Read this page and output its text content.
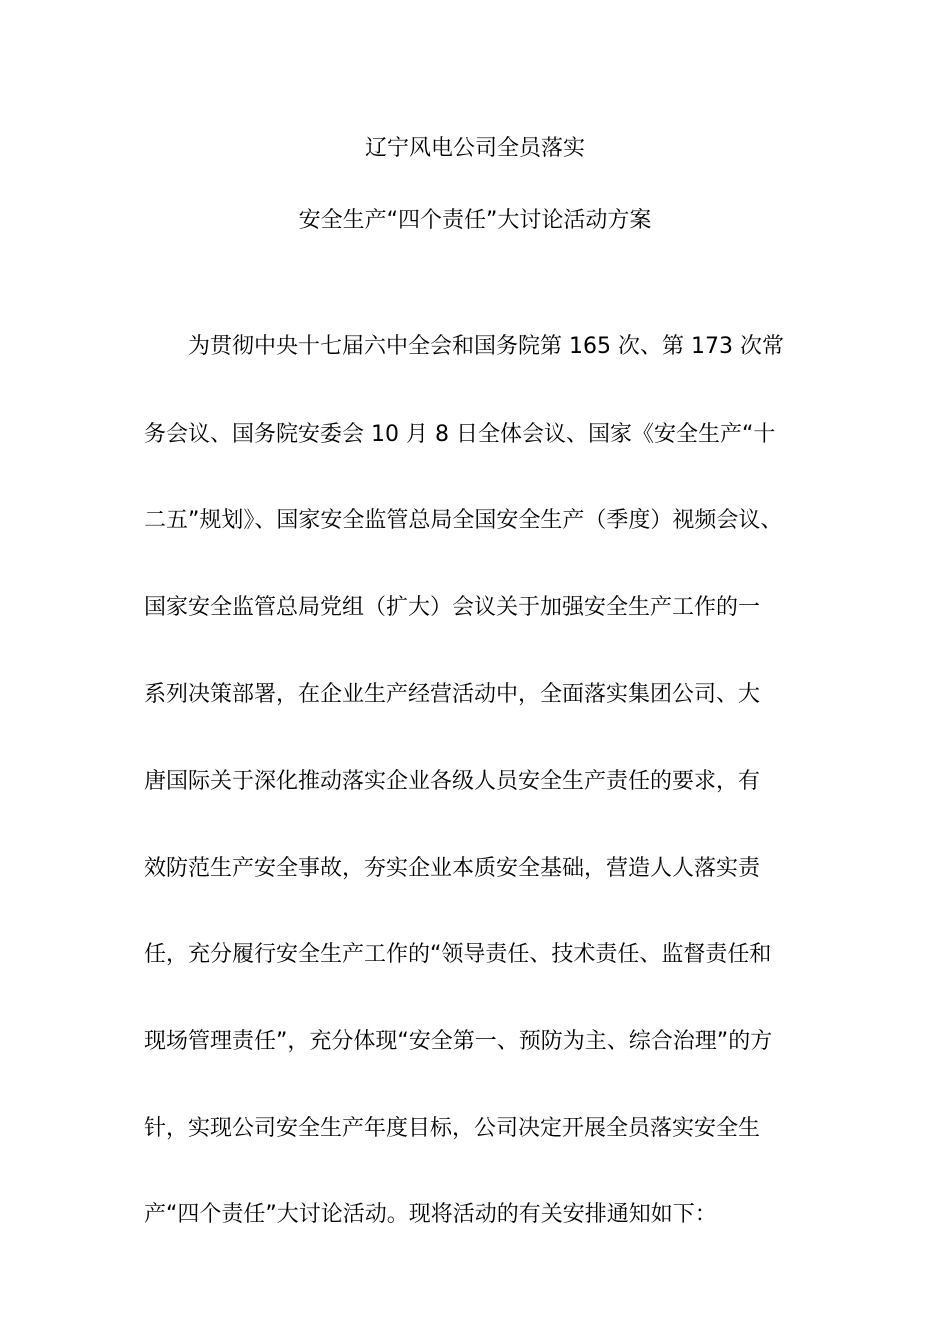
辽宁风电公司全员落实
安全生产“四个责任”大讨论活动方案
为贯彻中央十七届六中全会和国务院第 165 次、第 173 次常
务会议、国务院安委会 10 月 8 日全体会议、国家《安全生产“十
二五”规划》、国家安全监管总局全国安全生产（季度）视频会议、
国家安全监管总局党组（扩大）会议关于加强安全生产工作的一
系列决策部署，在企业生产经营活动中，全面落实集团公司、大
唐国际关于深化推动落实企业各级人员安全生产责任的要求，有
效防范生产安全事故，夯实企业本质安全基础，营造人人落实责
任，充分履行安全生产工作的“领导责任、技术责任、监督责任和
现场管理责任”，充分体现“安全第一、预防为主、综合治理”的方
针，实现公司安全生产年度目标，公司决定开展全员落实安全生
产“四个责任”大讨论活动。现将活动的有关安排通知如下：
